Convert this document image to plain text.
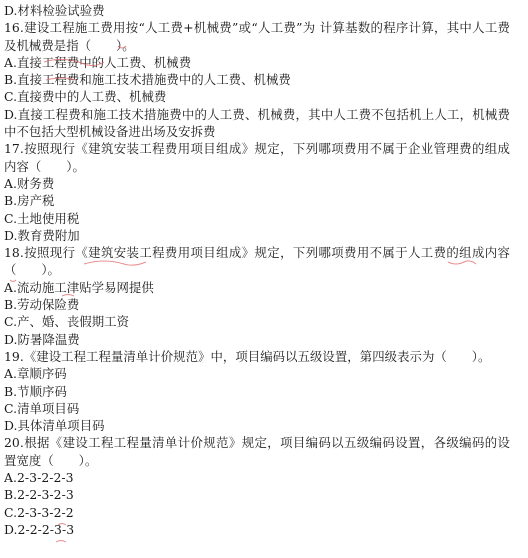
D.材料检验试验费
16.建设工程施工费用按“人工费+机械费”或“人工费”为 计算基数的程序计算，其中人工费
及机械费是指（　　）。
A.直接工程费中的人工费、机械费
B.直接工程费和施工技术措施费中的人工费、机械费
C.直接费中的人工费、机械费
D.直接工程费和施工技术措施费中的人工费、机械费，其中人工费不包括机上人工，机械费
中不包括大型机械设备进出场及安拆费
17.按照现行《建筑安装工程费用项目组成》规定，下列哪项费用不属于企业管理费的组成
内容（　　）。
A.财务费
B.房产税
C.土地使用税
D.教育费附加
18.按照现行《建筑安装工程费用项目组成》规定，下列哪项费用不属于人工费的组成内容
（　　）。
A.流动施工津贴学易网提供
B.劳动保险费
C.产、婚、丧假期工资
D.防暑降温费
19.《建设工程工程量清单计价规范》中，项目编码以五级设置，第四级表示为（　　）。
A.章顺序码
B.节顺序码
C.清单项目码
D.具体清单项目码
20.根据《建设工程工程量清单计价规范》规定，项目编码以五级编码设置，各级编码的设
置宽度（　　）。
A.2-3-2-2-3
B.2-2-3-2-3
C.2-3-3-2-2
D.2-2-2-3-3
